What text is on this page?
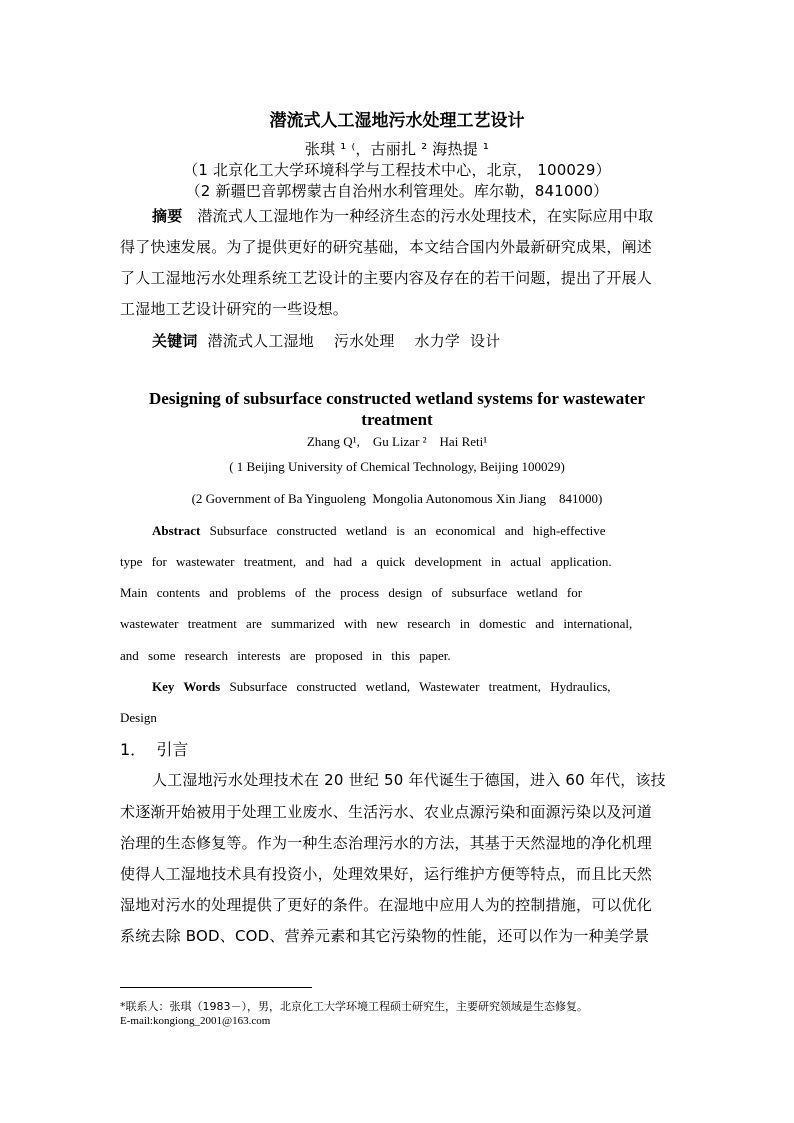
潜流式人工湿地污水处理工艺设计
张琪 ¹ ⁽，古丽扎 ² 海热提 ¹
（1 北京化工大学环境科学与工程技术中心，北京， 100029）
（2 新疆巴音郭楞蒙古自治州水利管理处。库尔勒，841000）
摘要 潜流式人工湿地作为一种经济生态的污水处理技术，在实际应用中取
得了快速发展。为了提供更好的研究基础，本文结合国内外最新研究成果，阐述
了人工湿地污水处理系统工艺设计的主要内容及存在的若干问题，提出了开展人
工湿地工艺设计研究的一些设想。
关键词 潜流式人工湿地    污水处理    水力学  设计
Designing of subsurface constructed wetland systems for wastewater
treatment
Zhang Q¹,    Gu Lizar ²    Hai Reti¹
( 1 Beijing University of Chemical Technology, Beijing 100029)
(2 Government of Ba Yinguoleng  Mongolia Autonomous Xin Jiang    841000)
Abstract Subsurface constructed wetland is an economical and high-effective
type for wastewater treatment, and had a quick development in actual application.
Main contents and problems of the process design of subsurface wetland for
wastewater treatment are summarized with new research in domestic and international,
and some research interests are proposed in this paper.
Key Words Subsurface constructed wetland, Wastewater treatment, Hydraulics,
Design
1．  引言
人工湿地污水处理技术在 20 世纪 50 年代诞生于德国，进入 60 年代，该技
术逐渐开始被用于处理工业废水、生活污水、农业点源污染和面源污染以及河道
治理的生态修复等。作为一种生态治理污水的方法，其基于天然湿地的净化机理
使得人工湿地技术具有投资小，处理效果好，运行维护方便等特点，而且比天然
湿地对污水的处理提供了更好的条件。在湿地中应用人为的控制措施，可以优化
系统去除 BOD、COD、营养元素和其它污染物的性能，还可以作为一种美学景
*联系人：张琪（1983－），男，北京化工大学环境工程硕士研究生，主要研究领域是生态修复。
E-mail:kongiong_2001@163.com
